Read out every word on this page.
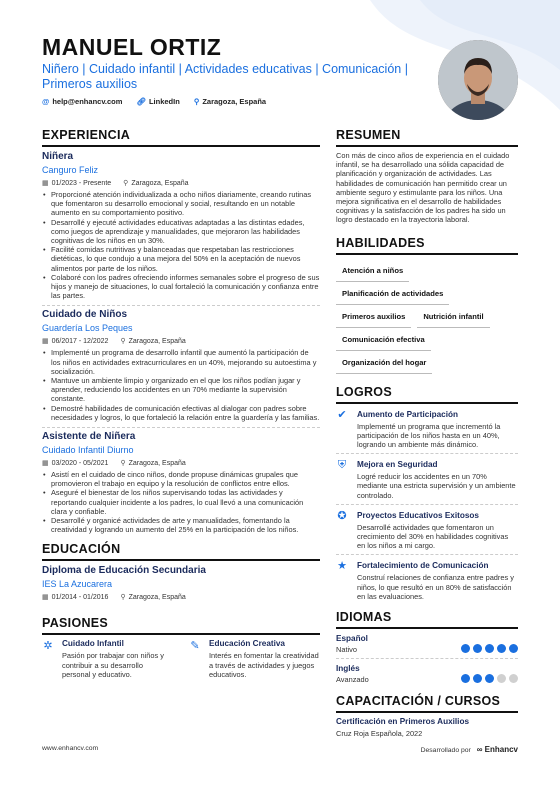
MANUEL ORTIZ
Niñero | Cuidado infantil | Actividades educativas | Comunicación | Primeros auxilios
@ help@enhancv.com 🔗︎ LinkedIn ⚲ Zaragoza, España
EXPERIENCIA
Niñera
Canguro Feliz
▦ 01/2023 - Presente ⚲ Zaragoza, España
• Proporcioné atención individualizada a ocho niños diariamente, creando rutinas que fomentaron su desarrollo emocional y social, resultando en un notable aumento en su comportamiento positivo.
• Desarrollé y ejecuté actividades educativas adaptadas a las distintas edades, como juegos de aprendizaje y manualidades, que mejoraron las habilidades cognitivas de los niños en un 30%.
• Facilité comidas nutritivas y balanceadas que respetaban las restricciones dietéticas, lo que condujo a una mejora del 50% en la aceptación de nuevos alimentos por parte de los niños.
• Colaboré con los padres ofreciendo informes semanales sobre el progreso de sus hijos y manejo de situaciones, lo cual fortaleció la comunicación y confianza entre las partes.
Cuidado de Niños
Guardería Los Peques
▦ 06/2017 - 12/2022 ⚲ Zaragoza, España
• Implementé un programa de desarrollo infantil que aumentó la participación de los niños en actividades extracurriculares en un 40%, mejorando su autoestima y socialización.
• Mantuve un ambiente limpio y organizado en el que los niños podían jugar y aprender, reduciendo los accidentes en un 70% mediante la supervisión constante.
• Demostré habilidades de comunicación efectivas al dialogar con padres sobre necesidades y logros, lo que fortaleció la relación entre la guardería y las familias.
Asistente de Niñera
Cuidado Infantil Diurno
▦ 03/2020 - 05/2021 ⚲ Zaragoza, España
• Asistí en el cuidado de cinco niños, donde propuse dinámicas grupales que promovieron el trabajo en equipo y la resolución de conflictos entre ellos.
• Aseguré el bienestar de los niños supervisando todas las actividades y reportando cualquier incidente a los padres, lo cual llevó a una comunicación clara y confiable.
• Desarrollé y organicé actividades de arte y manualidades, fomentando la creatividad y logrando un aumento del 25% en la participación de los niños.
EDUCACIÓN
Diploma de Educación Secundaria
IES La Azucarera
▦ 01/2014 - 01/2016 ⚲ Zaragoza, España
PASIONES
✲ Cuidado Infantil
Pasión por trabajar con niños y contribuir a su desarrollo personal y educativo.
✎ Educación Creativa
Interés en fomentar la creatividad a través de actividades y juegos educativos.
RESUMEN
Con más de cinco años de experiencia en el cuidado infantil, se ha desarrollado una sólida capacidad de planificación y organización de actividades. Las habilidades de comunicación han permitido crear un ambiente seguro y estimulante para los niños. Una mejora significativa en el desarrollo de habilidades cognitivas y la satisfacción de los padres ha sido un logro destacado en la trayectoria laboral.
HABILIDADES
Atención a niños
Planificación de actividades
Primeros auxilios	Nutrición infantil
Comunicación efectiva
Organización del hogar
LOGROS
✔ Aumento de Participación
Implementé un programa que incrementó la participación de los niños hasta en un 40%, logrando un ambiente más dinámico.
⛨ Mejora en Seguridad
Logré reducir los accidentes en un 70% mediante una estricta supervisión y un ambiente controlado.
✪ Proyectos Educativos Exitosos
Desarrollé actividades que fomentaron un crecimiento del 30% en habilidades cognitivas en los niños a mi cargo.
★ Fortalecimiento de Comunicación
Construí relaciones de confianza entre padres y niños, lo que resultó en un 80% de satisfacción en las evaluaciones.
IDIOMAS
Español
Nativo
Inglés
Avanzado
CAPACITACIÓN / CURSOS
Certificación en Primeros Auxilios
Cruz Roja Española, 2022
www.enhancv.com	Desarrollado por ∞ Enhancv
